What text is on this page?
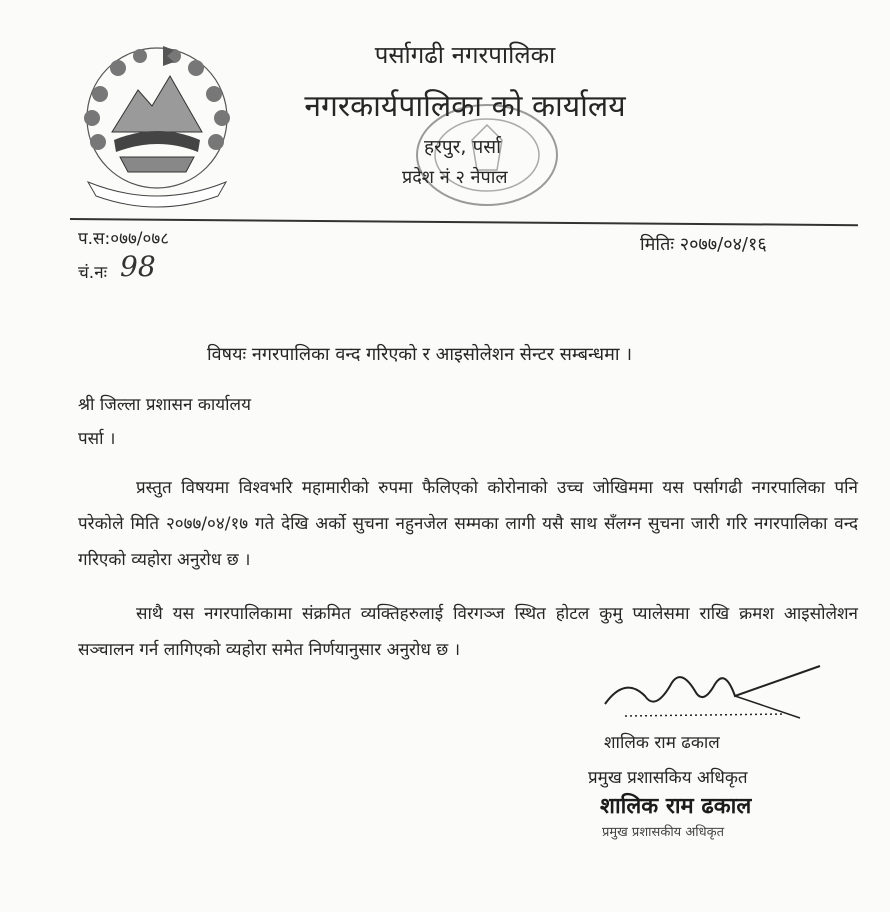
पर्सागढी नगरपालिका
नगरकार्यपालिका को कार्यालय
हरपुर, पर्सा
प्रदेश नं २ नेपाल
प.स:०७७/०७८
चं.नः 98
मितिः २०७७/०४/१६
विषयः नगरपालिका वन्द गरिएको र आइसोलेशन सेन्टर सम्बन्धमा ।
श्री जिल्ला प्रशासन कार्यालय
पर्सा ।
प्रस्तुत विषयमा विश्वभरि महामारीको रुपमा फैलिएको कोरोनाको उच्च जोखिममा यस पर्सागढी नगरपालिका पनि परेकोले मिति २०७७/०४/१७ गते देखि अर्को सुचना नहुनजेल सम्मका लागी यसै साथ सँलग्न सुचना जारी गरि नगरपालिका वन्द गरिएको व्यहोरा अनुरोध छ ।
साथै यस नगरपालिकामा संक्रमित व्यक्तिहरुलाई विरगञ्ज स्थित होटल कुमु प्यालेसमा राखि क्रमश आइसोलेशन सञ्चालन गर्न लागिएको व्यहोरा समेत निर्णयानुसार अनुरोध छ ।
शालिक राम ढकाल
प्रमुख प्रशासकिय अधिकृत
शालिक राम ढकाल
प्रमुख प्रशासकीय अधिकृत
